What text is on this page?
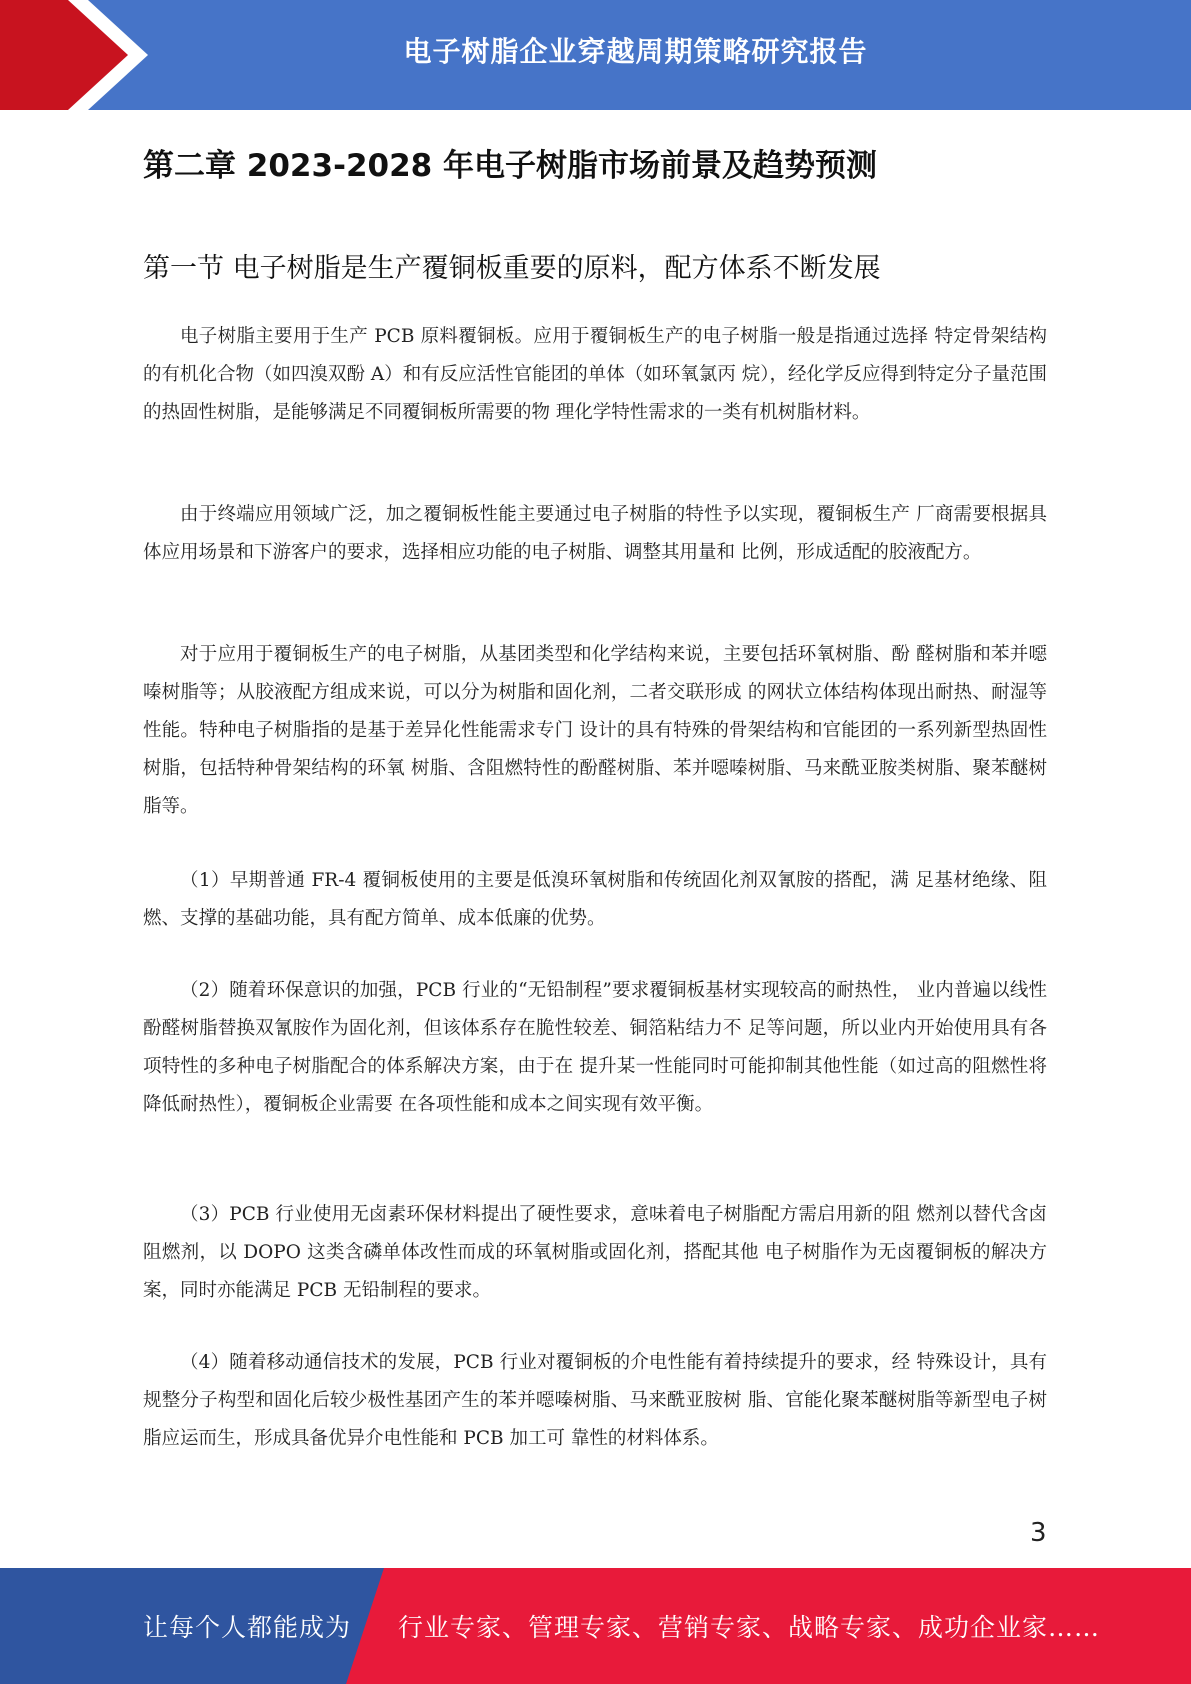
电子树脂企业穿越周期策略研究报告
第二章 2023-2028 年电子树脂市场前景及趋势预测
第一节 电子树脂是生产覆铜板重要的原料，配方体系不断发展

电子树脂主要用于生产 PCB 原料覆铜板。应用于覆铜板生产的电子树脂一般是指通过选择 特定骨架结构的有机化合物（如四溴双酚 A）和有反应活性官能团的单体（如环氧氯丙 烷），经化学反应得到特定分子量范围的热固性树脂，是能够满足不同覆铜板所需要的物 理化学特性需求的一类有机树脂材料。

由于终端应用领域广泛，加之覆铜板性能主要通过电子树脂的特性予以实现，覆铜板生产 厂商需要根据具体应用场景和下游客户的要求，选择相应功能的电子树脂、调整其用量和 比例，形成适配的胶液配方。

对于应用于覆铜板生产的电子树脂，从基团类型和化学结构来说，主要包括环氧树脂、酚 醛树脂和苯并噁嗪树脂等；从胶液配方组成来说，可以分为树脂和固化剂，二者交联形成 的网状立体结构体现出耐热、耐湿等性能。特种电子树脂指的是基于差异化性能需求专门 设计的具有特殊的骨架结构和官能团的一系列新型热固性树脂，包括特种骨架结构的环氧 树脂、含阻燃特性的酚醛树脂、苯并噁嗪树脂、马来酰亚胺类树脂、聚苯醚树脂等。

（1）早期普通 FR-4 覆铜板使用的主要是低溴环氧树脂和传统固化剂双氰胺的搭配，满 足基材绝缘、阻燃、支撑的基础功能，具有配方简单、成本低廉的优势。

（2）随着环保意识的加强，PCB 行业的“无铅制程”要求覆铜板基材实现较高的耐热性， 业内普遍以线性酚醛树脂替换双氰胺作为固化剂，但该体系存在脆性较差、铜箔粘结力不 足等问题，所以业内开始使用具有各项特性的多种电子树脂配合的体系解决方案，由于在 提升某一性能同时可能抑制其他性能（如过高的阻燃性将降低耐热性），覆铜板企业需要 在各项性能和成本之间实现有效平衡。

（3）PCB 行业使用无卤素环保材料提出了硬性要求，意味着电子树脂配方需启用新的阻 燃剂以替代含卤阻燃剂，以 DOPO 这类含磷单体改性而成的环氧树脂或固化剂，搭配其他 电子树脂作为无卤覆铜板的解决方案，同时亦能满足 PCB 无铅制程的要求。

（4）随着移动通信技术的发展，PCB 行业对覆铜板的介电性能有着持续提升的要求，经 特殊设计，具有规整分子构型和固化后较少极性基团产生的苯并噁嗪树脂、马来酰亚胺树 脂、官能化聚苯醚树脂等新型电子树脂应运而生，形成具备优异介电性能和 PCB 加工可 靠性的材料体系。

3
让每个人都能成为 行业专家、管理专家、营销专家、战略专家、成功企业家……
